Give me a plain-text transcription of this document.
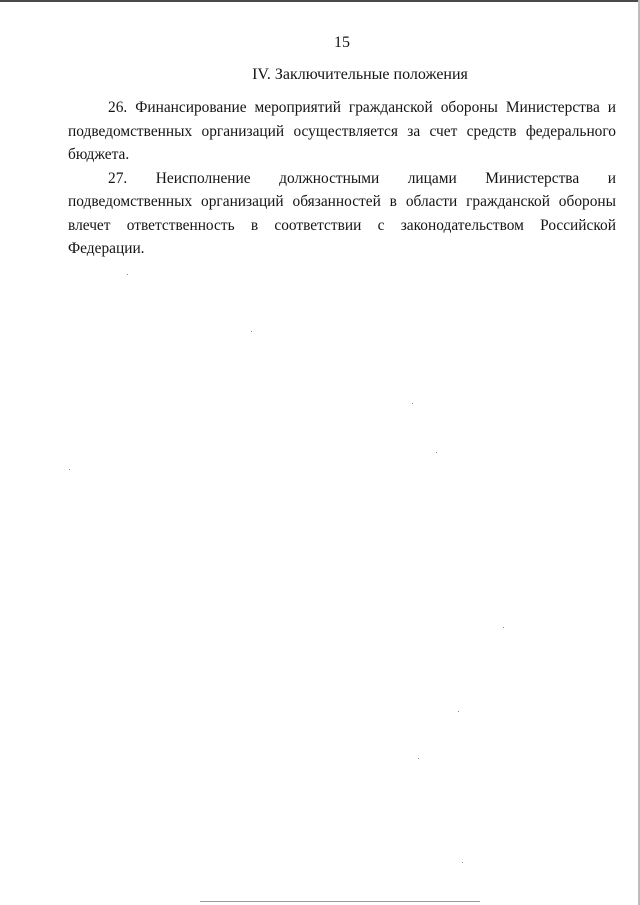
15
IV. Заключительные положения

26. Финансирование мероприятий гражданской обороны Министерства и подведомственных организаций осуществляется за счет средств федерального бюджета.

27. Неисполнение должностными лицами Министерства и подведомственных организаций обязанностей в области гражданской обороны влечет ответственность в соответствии с законодательством Российской Федерации.
